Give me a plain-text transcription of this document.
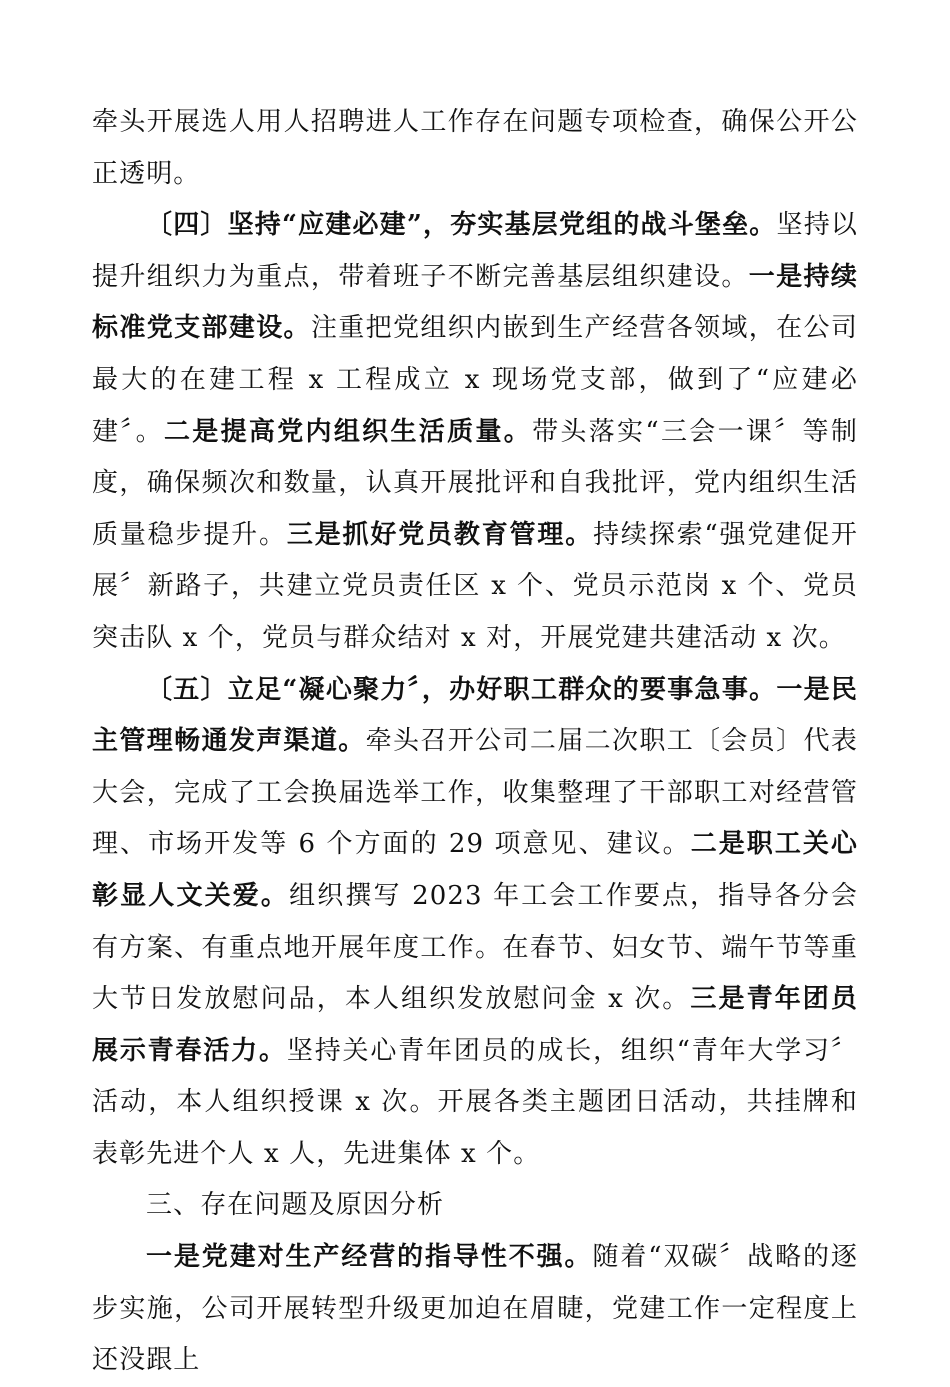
牵头开展选人用人招聘进人工作存在问题专项检查，确保公开公正透明。

〔四〕坚持“应建必建”，夯实基层党组的战斗堡垒。坚持以提升组织力为重点，带着班子不断完善基层组织建设。一是持续标准党支部建设。注重把党组织内嵌到生产经营各领域，在公司最大的在建工程 x 工程成立 x 现场党支部，做到了“应建必建〞。二是提高党内组织生活质量。带头落实“三会一课〞等制度，确保频次和数量，认真开展批评和自我批评，党内组织生活质量稳步提升。三是抓好党员教育管理。持续探索“强党建促开展〞新路子，共建立党员责任区 x 个、党员示范岗 x 个、党员突击队 x 个，党员与群众结对 x 对，开展党建共建活动 x 次。

〔五〕立足“凝心聚力〞，办好职工群众的要事急事。一是民主管理畅通发声渠道。牵头召开公司二届二次职工〔会员〕代表大会，完成了工会换届选举工作，收集整理了干部职工对经营管理、市场开发等 6 个方面的 29 项意见、建议。二是职工关心彰显人文关爱。组织撰写 2023 年工会工作要点，指导各分会有方案、有重点地开展年度工作。在春节、妇女节、端午节等重大节日发放慰问品，本人组织发放慰问金 x 次。三是青年团员展示青春活力。坚持关心青年团员的成长，组织“青年大学习〞活动，本人组织授课 x 次。开展各类主题团日活动，共挂牌和表彰先进个人 x 人，先进集体 x 个。

三、存在问题及原因分析

一是党建对生产经营的指导性不强。随着“双碳〞战略的逐步实施，公司开展转型升级更加迫在眉睫，党建工作一定程度上还没跟上
